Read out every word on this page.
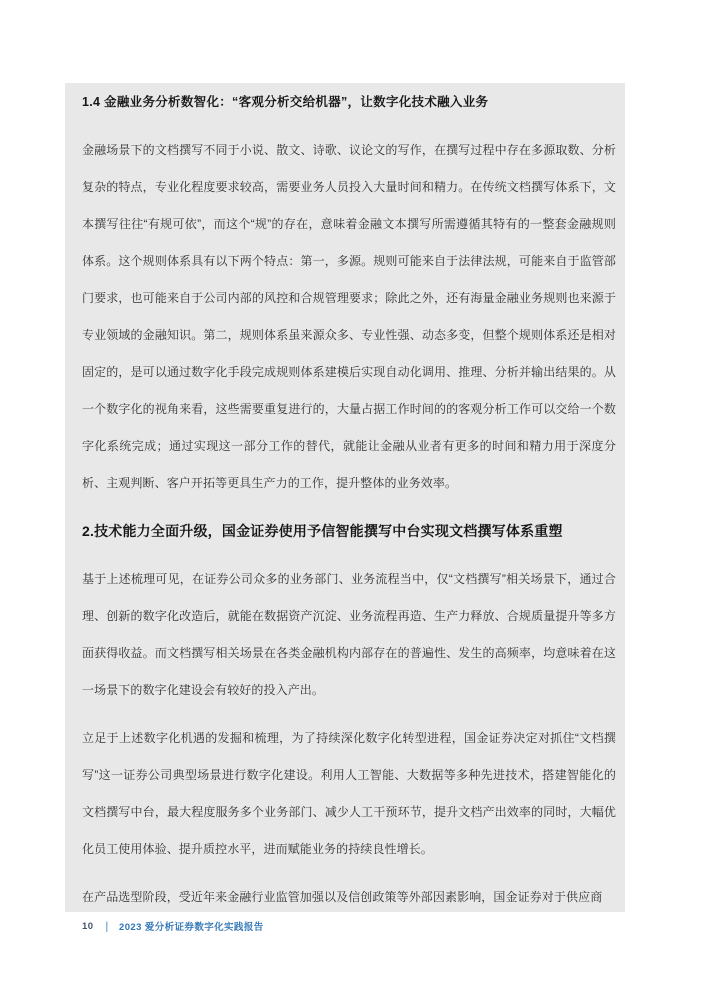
1.4 金融业务分析数智化：“客观分析交给机器”，让数字化技术融入业务

金融场景下的文档撰写不同于小说、散文、诗歌、议论文的写作，在撰写过程中存在多源取数、分析复杂的特点，专业化程度要求较高，需要业务人员投入大量时间和精力。在传统文档撰写体系下，文本撰写往往“有规可依”，而这个“规”的存在，意味着金融文本撰写所需遵循其特有的一整套金融规则体系。这个规则体系具有以下两个特点：第一，多源。规则可能来自于法律法规，可能来自于监管部门要求，也可能来自于公司内部的风控和合规管理要求；除此之外，还有海量金融业务规则也来源于专业领域的金融知识。第二，规则体系虽来源众多、专业性强、动态多变，但整个规则体系还是相对固定的，是可以通过数字化手段完成规则体系建模后实现自动化调用、推理、分析并输出结果的。从一个数字化的视角来看，这些需要重复进行的，大量占据工作时间的的客观分析工作可以交给一个数字化系统完成；通过实现这一部分工作的替代，就能让金融从业者有更多的时间和精力用于深度分析、主观判断、客户开拓等更具生产力的工作，提升整体的业务效率。

2.技术能力全面升级，国金证券使用予信智能撰写中台实现文档撰写体系重塑

基于上述梳理可见，在证券公司众多的业务部门、业务流程当中，仅“文档撰写”相关场景下，通过合理、创新的数字化改造后，就能在数据资产沉淀、业务流程再造、生产力释放、合规质量提升等多方面获得收益。而文档撰写相关场景在各类金融机构内部存在的普遍性、发生的高频率，均意味着在这一场景下的数字化建设会有较好的投入产出。

立足于上述数字化机遇的发掘和梳理，为了持续深化数字化转型进程，国金证券决定对抓住“文档撰写”这一证券公司典型场景进行数字化建设。利用人工智能、大数据等多种先进技术，搭建智能化的文档撰写中台，最大程度服务多个业务部门、减少人工干预环节，提升文档产出效率的同时，大幅优化员工使用体验、提升质控水平，进而赋能业务的持续良性增长。

在产品选型阶段，受近年来金融行业监管加强以及信创政策等外部因素影响，国金证券对于供应商

10 | 2023 爱分析证券数字化实践报告
